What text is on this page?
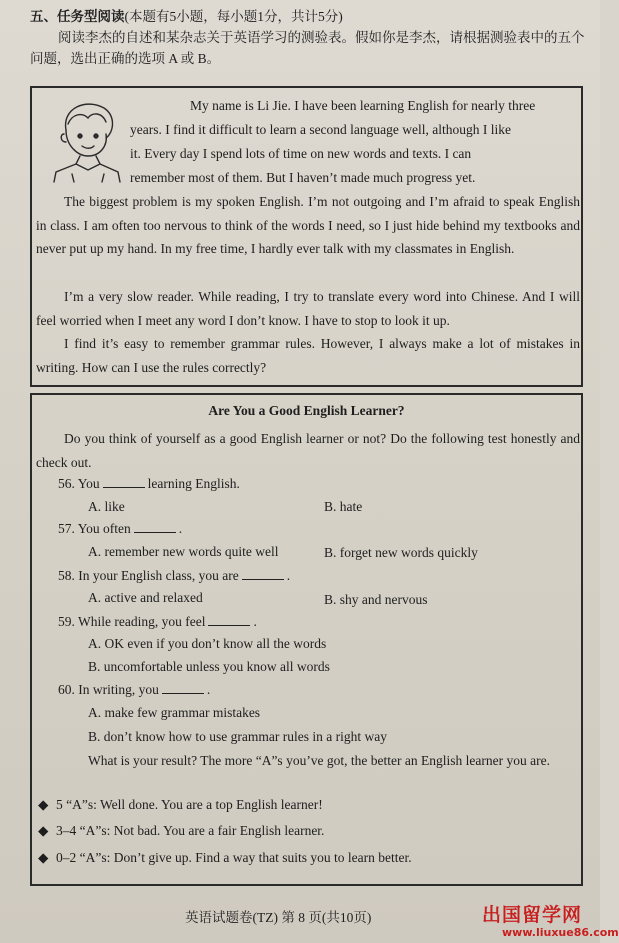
五、任务型阅读(本题有5小题，每小题1分，共计5分)
阅读李杰的自述和某杂志关于英语学习的测验表。假如你是李杰，请根据测验表中的五个
问题，选出正确的选项 A 或 B。
My name is Li Jie. I have been learning English for nearly three
years. I find it difficult to learn a second language well, although I like
it. Every day I spend lots of time on new words and texts. I can
remember most of them. But I haven’t made much progress yet.
The biggest problem is my spoken English. I’m not outgoing and I’m afraid to speak English in class. I am often too nervous to think of the words I need, so I just hide behind my textbooks and never put up my hand. In my free time, I hardly ever talk with my classmates in English.
I’m a very slow reader. While reading, I try to translate every word into Chinese. And I will feel worried when I meet any word I don’t know. I have to stop to look it up.
I find it’s easy to remember grammar rules. However, I always make a lot of mistakes in writing. How can I use the rules correctly?
Are You a Good English Learner?
Do you think of yourself as a good English learner or not? Do the following test honestly and check out.
56. You	learning English.
A. like	B. hate
57. You often	.
A. remember new words quite well	B. forget new words quickly
58. In your English class, you are	.
A. active and relaxed	B. shy and nervous
59. While reading, you feel	.
A. OK even if you don’t know all the words
B. uncomfortable unless you know all words
60. In writing, you	.
A. make few grammar mistakes
B. don’t know how to use grammar rules in a right way
What is your result? The more “A”s you’ve got, the better an English learner you are.
◆ 5 “A”s: Well done. You are a top English learner!
◆ 3–4 “A”s: Not bad. You are a fair English learner.
◆ 0–2 “A”s: Don’t give up. Find a way that suits you to learn better.
英语试题卷(TZ) 第 8 页(共10页)	出国留学网
www.liuxue86.com
